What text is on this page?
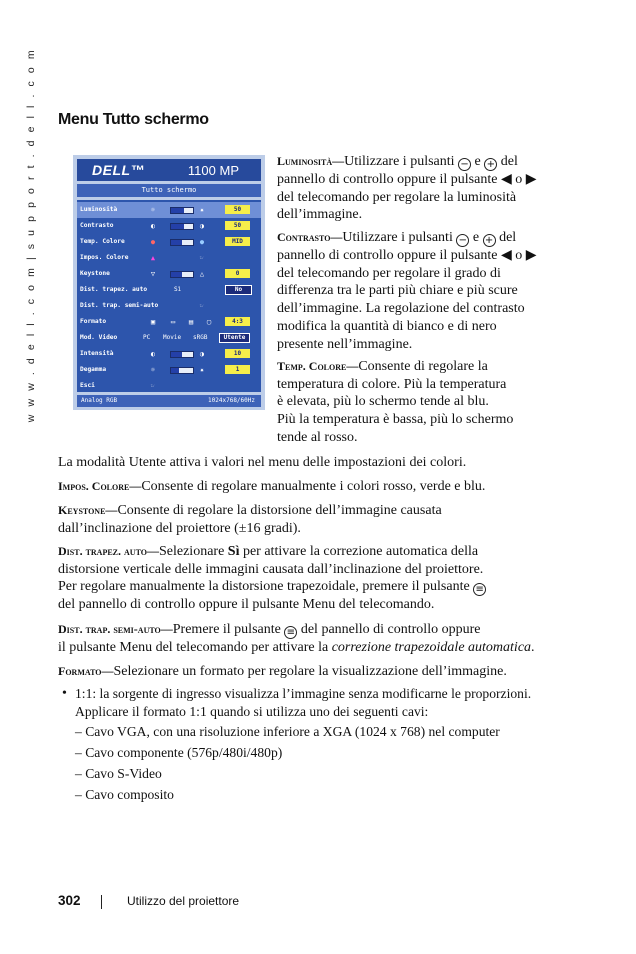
w w w . d e l l . c o m | s u p p o r t . d e l l . c o m Menu Tutto schermo
DELL™	1100 MP
Tutto schermo
Luminosità	☼	✷	50
Contrasto	◐	◑	50
Temp. Colore	●	●	MID
Impos. Colore	▲	☞
Keystone	▽	△	0
Dist. trapez. auto	Sì	No
Dist. trap. semi-auto	☞
Formato	▣ ▭ ▤ ▢	4:3
Mod. Video	PC Movie sRGB	Utente
Intensità	◐	◑	10
Degamma	☼	✷	1
Esci	☞
Analog RGB	1024x768/60Hz

Luminosità—Utilizzare i pulsanti − e + del
pannello di controllo oppure il pulsante ◀ o ▶
del telecomando per regolare la luminosità
dell’immagine.

Contrasto—Utilizzare i pulsanti − e + del
pannello di controllo oppure il pulsante ◀ o ▶
del telecomando per regolare il grado di
differenza tra le parti più chiare e più scure
dell’immagine. La regolazione del contrasto
modifica la quantità di bianco e di nero
presente nell’immagine.

Temp. Colore—Consente di regolare la
temperatura di colore. Più la temperatura
è elevata, più lo schermo tende al blu.
Più la temperatura è bassa, più lo schermo
tende al rosso.

La modalità Utente attiva i valori nel menu delle impostazioni dei colori.

Impos. Colore—Consente di regolare manualmente i colori rosso, verde e blu.

Keystone—Consente di regolare la distorsione dell’immagine causata
dall’inclinazione del proiettore (±16 gradi).

Dist. trapez. auto—Selezionare Sì per attivare la correzione automatica della
distorsione verticale delle immagini causata dall’inclinazione del proiettore.
Per regolare manualmente la distorsione trapezoidale, premere il pulsante ≡
del pannello di controllo oppure il pulsante Menu del telecomando.

Dist. trap. semi-auto—Premere il pulsante ≡ del pannello di controllo oppure
il pulsante Menu del telecomando per attivare la correzione trapezoidale automatica.

Formato—Selezionare un formato per regolare la visualizzazione dell’immagine.

• 1:1: la sorgente di ingresso visualizza l’immagine senza modificarne le proporzioni.
Applicare il formato 1:1 quando si utilizza uno dei seguenti cavi:

– Cavo VGA, con una risoluzione inferiore a XGA (1024 x 768) nel computer

– Cavo componente (576p/480i/480p)

– Cavo S-Video

– Cavo composito

302	Utilizzo del proiettore
